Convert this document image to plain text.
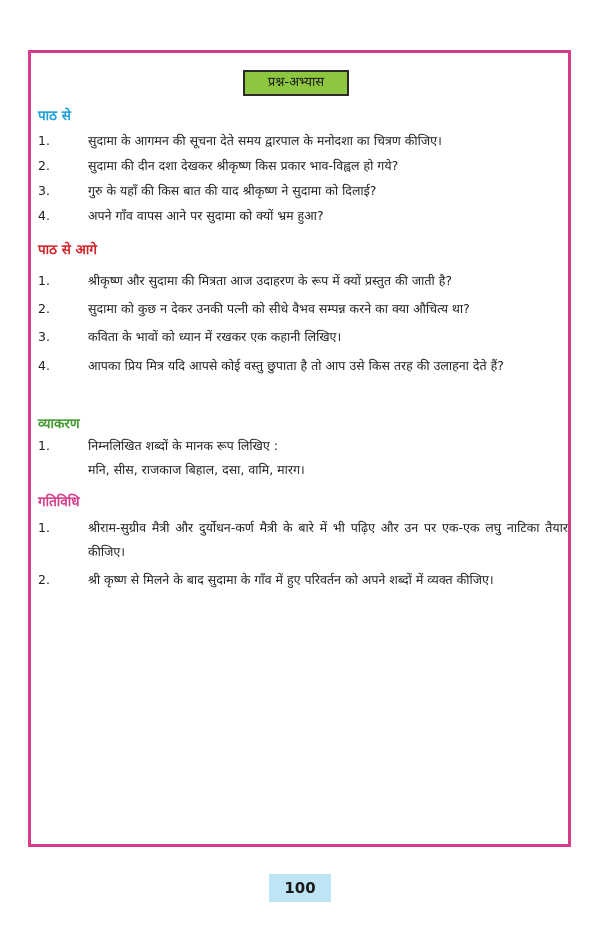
प्रश्न-अभ्यास
पाठ से
1.	सुदामा के आगमन की सूचना देते समय द्वारपाल के मनोदशा का चित्रण कीजिए।
2.	सुदामा की दीन दशा देखकर श्रीकृष्ण किस प्रकार भाव-विह्वल हो गये?
3.	गुरु के यहाँ की किस बात की याद श्रीकृष्ण ने सुदामा को दिलाई?
4.	अपने गाँव वापस आने पर सुदामा को क्यों भ्रम हुआ?
पाठ से आगे
1.	श्रीकृष्ण और सुदामा की मित्रता आज उदाहरण के रूप में क्यों प्रस्तुत की जाती है?
2.	सुदामा को कुछ न देकर उनकी पत्नी को सीधे वैभव सम्पन्न करने का क्या औचित्य था?
3.	कविता के भावों को ध्यान में रखकर एक कहानी लिखिए।
4.	आपका प्रिय मित्र यदि आपसे कोई वस्तु छुपाता है तो आप उसे किस तरह की उलाहना देते हैं?
व्याकरण
1.	निम्नलिखित शब्दों के मानक रूप लिखिए :
मनि, सीस, राजकाज बिहाल, दसा, वामि, मारग।
गतिविधि
1.	श्रीराम-सुग्रीव मैत्री और दुर्योधन-कर्ण मैत्री के बारे में भी पढ़िए और उन पर एक-एक लघु नाटिका तैयार कीजिए।
2.	श्री कृष्ण से मिलने के बाद सुदामा के गाँव में हुए परिवर्तन को अपने शब्दों में व्यक्त कीजिए।
100
